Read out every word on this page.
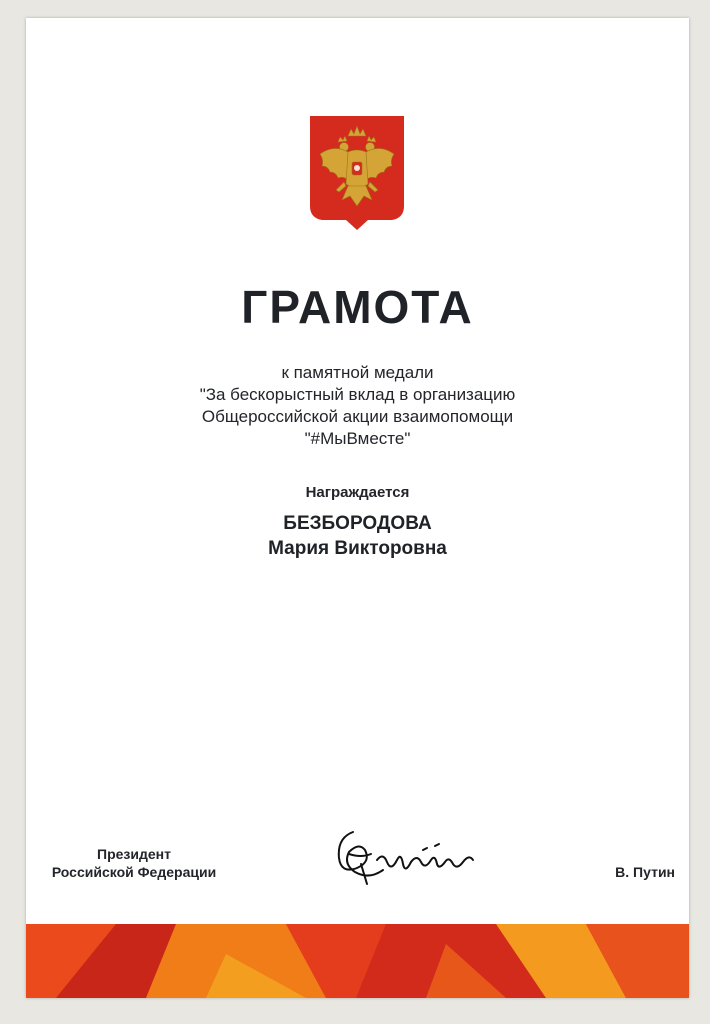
ГРАМОТА
к памятной медали
"За бескорыстный вклад в организацию
Общероссийской акции взаимопомощи
"#МыВместе"
Награждается
БЕЗБОРОДОВА
Мария Викторовна
Президент
Российской Федерации	В. Путин
